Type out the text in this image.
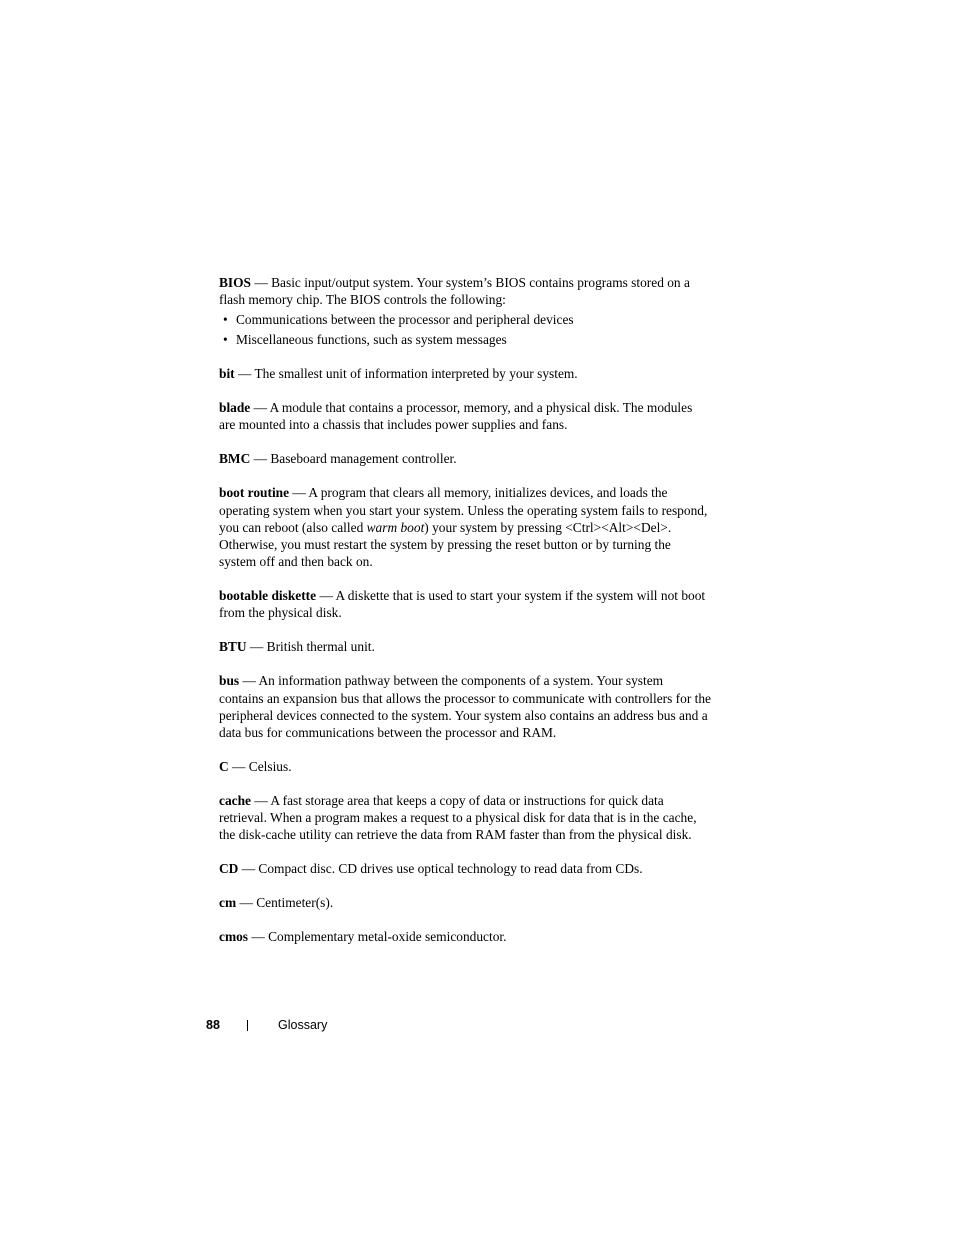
BIOS — Basic input/output system. Your system’s BIOS contains programs stored on a flash memory chip. The BIOS controls the following:
• Communications between the processor and peripheral devices
• Miscellaneous functions, such as system messages
bit — The smallest unit of information interpreted by your system.
blade — A module that contains a processor, memory, and a physical disk. The modules are mounted into a chassis that includes power supplies and fans.
BMC — Baseboard management controller.
boot routine — A program that clears all memory, initializes devices, and loads the operating system when you start your system. Unless the operating system fails to respond, you can reboot (also called warm boot) your system by pressing <Ctrl><Alt><Del>. Otherwise, you must restart the system by pressing the reset button or by turning the system off and then back on.
bootable diskette — A diskette that is used to start your system if the system will not boot from the physical disk.
BTU — British thermal unit.
bus — An information pathway between the components of a system. Your system contains an expansion bus that allows the processor to communicate with controllers for the peripheral devices connected to the system. Your system also contains an address bus and a data bus for communications between the processor and RAM.
C — Celsius.
cache — A fast storage area that keeps a copy of data or instructions for quick data retrieval. When a program makes a request to a physical disk for data that is in the cache, the disk-cache utility can retrieve the data from RAM faster than from the physical disk.
CD — Compact disc. CD drives use optical technology to read data from CDs.
cm — Centimeter(s).
cmos — Complementary metal-oxide semiconductor.
88	Glossary
